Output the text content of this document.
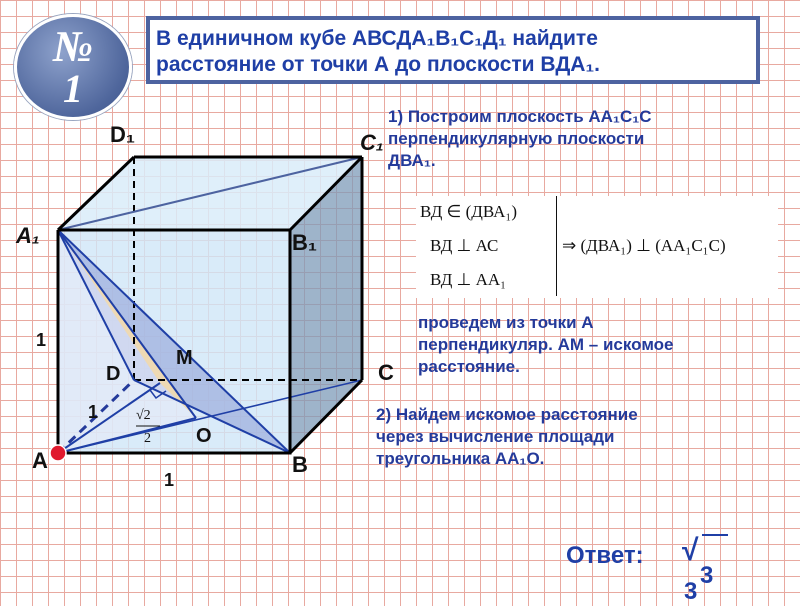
№
1
В единичном кубе АВСДА₁В₁С₁Д₁ найдите
расстояние от точки А до плоскости ВДА₁.
D₁	C₁
A₁	B₁
D	C
A	B
M
O
1
1
1
√2
2
1) Построим плоскость АА₁С₁С
перпендикулярную плоскости
ДВА₁.
ВД ∈ (ДВА₁)
ВД ⊥ АС
ВД ⊥ АА₁
⇒ (ДВА₁) ⊥ (АА₁С₁С)
проведем из точки А
перпендикуляр. АМ – искомое
расстояние.
2) Найдем искомое расстояние
через вычисление площади
треугольника АА₁О.
Ответ: √
3
3
